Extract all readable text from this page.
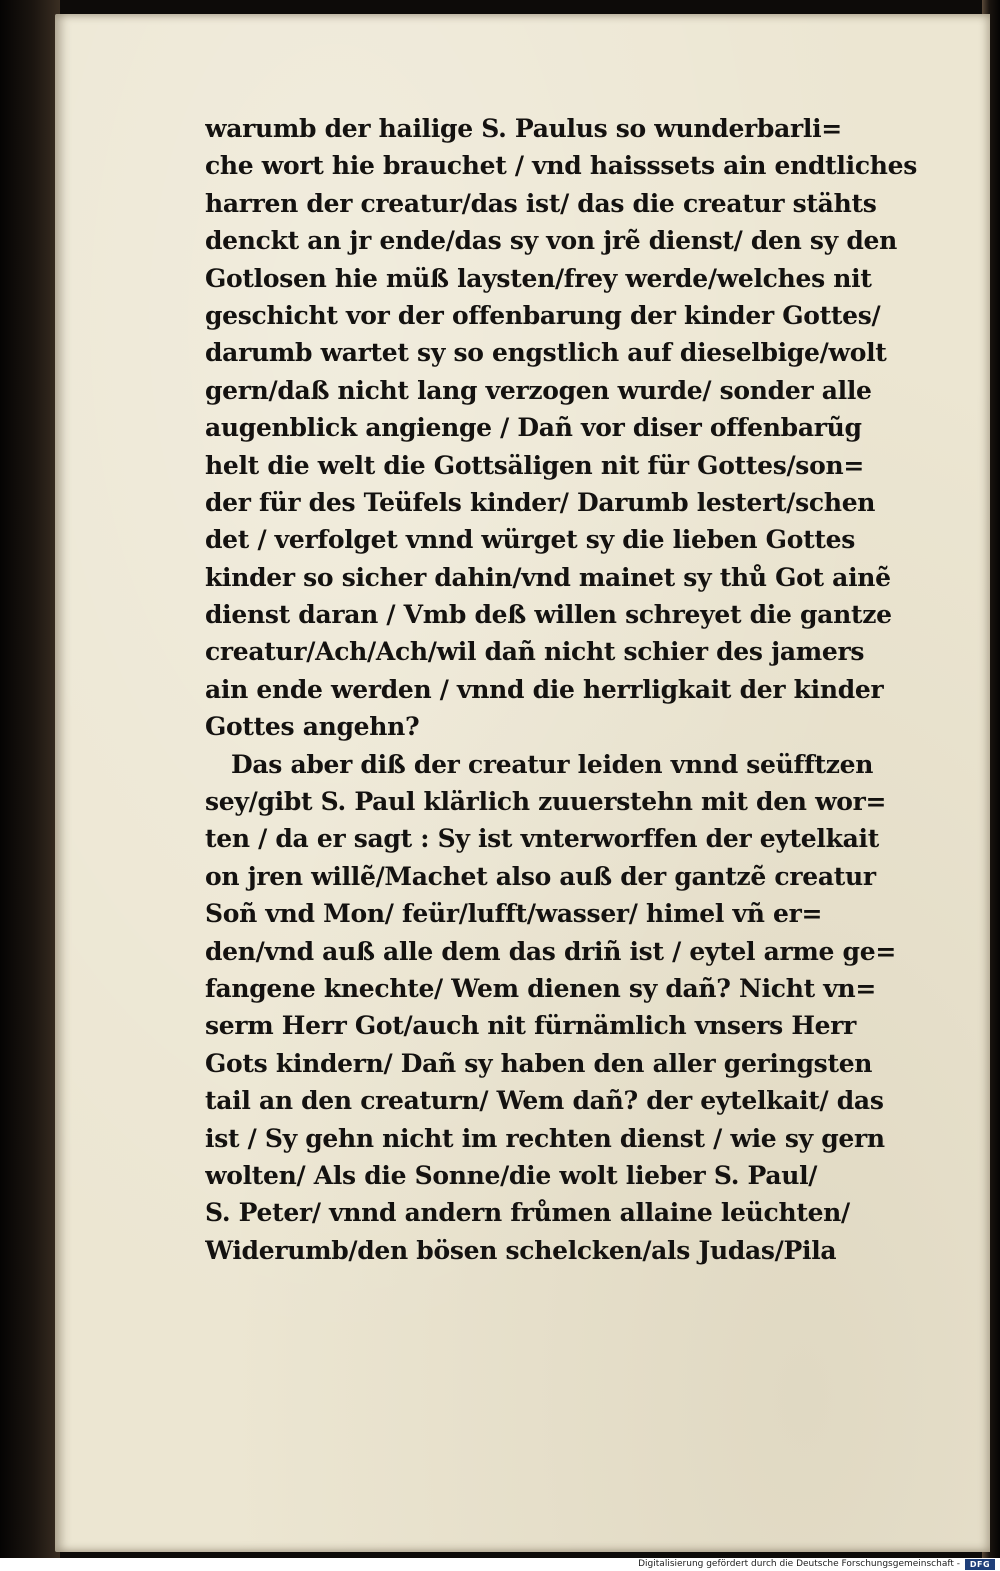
warumb der hailige S. Paulus so wunderbarli=
che wort hie brauchet / vnd haisssets ain endtliches
harren der creatur/das ist/ das die creatur stähts
denckt an jr ende/das sy von jrẽ dienst/ den sy den
Gotlosen hie müß laysten/frey werde/welches nit
geschicht vor der offenbarung der kinder Gottes/
darumb wartet sy so engstlich auf dieselbige/wolt
gern/daß nicht lang verzogen wurde/ sonder alle
augenblick angienge / Dañ vor diser offenbarũg
helt die welt die Gottsäligen nit für Gottes/son=
der für des Teüfels kinder/ Darumb lestert/schen
det / verfolget vnnd würget sy die lieben Gottes
kinder so sicher dahin/vnd mainet sy thů Got ainẽ
dienst daran / Vmb deß willen schreyet die gantze
creatur/Ach/Ach/wil dañ nicht schier des jamers
ain ende werden / vnnd die herrligkait der kinder
Gottes angehn?
Das aber diß der creatur leiden vnnd seüfftzen
sey/gibt S. Paul klärlich zuuerstehn mit den wor=
ten / da er sagt : Sy ist vnterworffen der eytelkait
on jren willẽ/Machet also auß der gantzẽ creatur
Soñ vnd Mon/ feür/lufft/wasser/ himel vñ er=
den/vnd auß alle dem das driñ ist / eytel arme ge=
fangene knechte/ Wem dienen sy dañ? Nicht vn=
serm Herr Got/auch nit fürnämlich vnsers Herr
Gots kindern/ Dañ sy haben den aller geringsten
tail an den creaturn/ Wem dañ? der eytelkait/ das
ist / Sy gehn nicht im rechten dienst / wie sy gern
wolten/ Als die Sonne/die wolt lieber S. Paul/
S. Peter/ vnnd andern frůmen allaine leüchten/
Widerumb/den bösen schelcken/als Judas/Pila
Digitalisierung gefördert durch die Deutsche Forschungsgemeinschaft -	DFG
